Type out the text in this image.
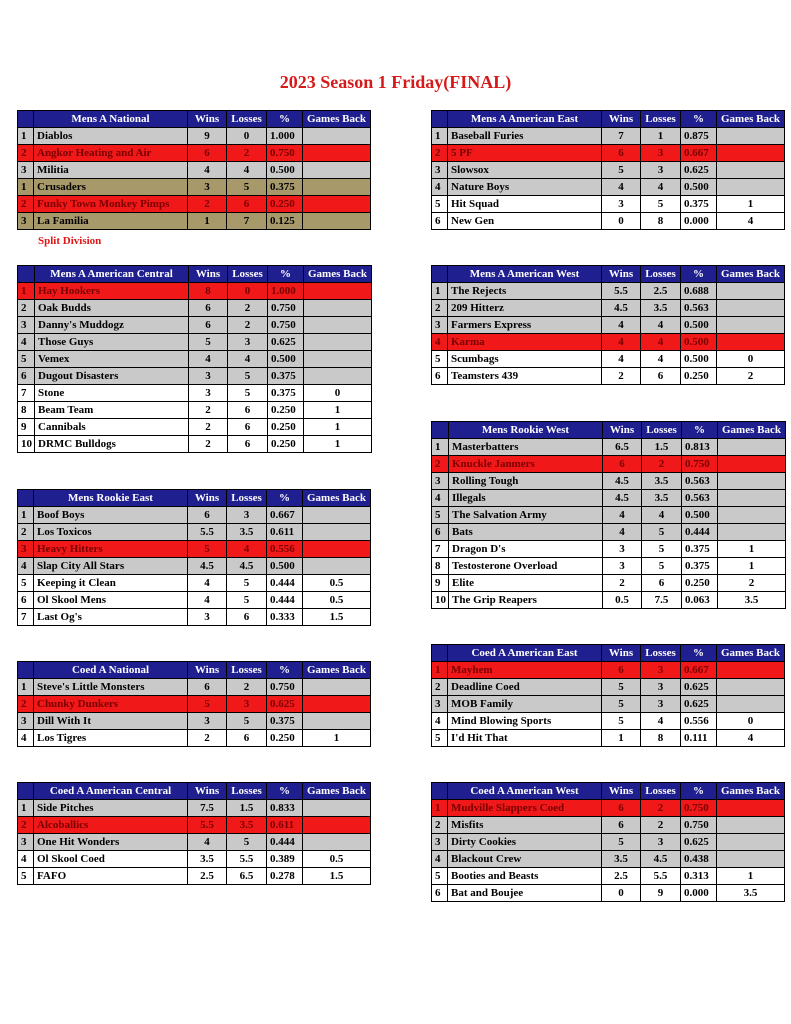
2023 Season 1 Friday(FINAL)
Split Division
	Mens A National	Wins	Losses	%	Games Back
1	Diablos	9	0	1.000	
2	Angkor Heating and Air	6	2	0.750	
3	Militia	4	4	0.500	
1	Crusaders	3	5	0.375	
2	Funky Town Monkey Pimps	2	6	0.250	
3	La Familia	1	7	0.125	
	Mens A American East	Wins	Losses	%	Games Back
1	Baseball Furies	7	1	0.875	
2	5 PF	6	3	0.667	
3	Slowsox	5	3	0.625	
4	Nature Boys	4	4	0.500	
5	Hit Squad	3	5	0.375	1
6	New Gen	0	8	0.000	4
	Mens A American Central	Wins	Losses	%	Games Back
1	Hay Hookers	8	0	1.000	
2	Oak Budds	6	2	0.750	
3	Danny's Muddogz	6	2	0.750	
4	Those Guys	5	3	0.625	
5	Vemex	4	4	0.500	
6	Dugout Disasters	3	5	0.375	
7	Stone	3	5	0.375	0
8	Beam Team	2	6	0.250	1
9	Cannibals	2	6	0.250	1
10	DRMC Bulldogs	2	6	0.250	1
	Mens A American West	Wins	Losses	%	Games Back
1	The Rejects	5.5	2.5	0.688	
2	209 Hitterz	4.5	3.5	0.563	
3	Farmers Express	4	4	0.500	
4	Karma	4	4	0.500	
5	Scumbags	4	4	0.500	0
6	Teamsters 439	2	6	0.250	2
	Mens Rookie West	Wins	Losses	%	Games Back
1	Masterbatters	6.5	1.5	0.813	
2	Knuckle Janmers	6	2	0.750	
3	Rolling Tough	4.5	3.5	0.563	
4	Illegals	4.5	3.5	0.563	
5	The Salvation Army	4	4	0.500	
6	Bats	4	5	0.444	
7	Dragon D's	3	5	0.375	1
8	Testosterone Overload	3	5	0.375	1
9	Elite	2	6	0.250	2
10	The Grip Reapers	0.5	7.5	0.063	3.5
	Mens Rookie East	Wins	Losses	%	Games Back
1	Boof Boys	6	3	0.667	
2	Los Toxicos	5.5	3.5	0.611	
3	Heavy Hitters	5	4	0.556	
4	Slap City All Stars	4.5	4.5	0.500	
5	Keeping it Clean	4	5	0.444	0.5
6	Ol Skool Mens	4	5	0.444	0.5
7	Last Og's	3	6	0.333	1.5
	Coed A American East	Wins	Losses	%	Games Back
1	Mayhem	6	3	0.667	
2	Deadline Coed	5	3	0.625	
3	MOB Family	5	3	0.625	
4	Mind Blowing Sports	5	4	0.556	0
5	I'd Hit That	1	8	0.111	4
	Coed A National	Wins	Losses	%	Games Back
1	Steve's Little Monsters	6	2	0.750	
2	Chunky Dunkers	5	3	0.625	
3	Dill With It	3	5	0.375	
4	Los Tigres	2	6	0.250	1
	Coed A American Central	Wins	Losses	%	Games Back
1	Side Pitches	7.5	1.5	0.833	
2	Alcoballics	5.5	3.5	0.611	
3	One Hit Wonders	4	5	0.444	
4	Ol Skool Coed	3.5	5.5	0.389	0.5
5	FAFO	2.5	6.5	0.278	1.5
	Coed A American West	Wins	Losses	%	Games Back
1	Mudville Slappers Coed	6	2	0.750	
2	Misfits	6	2	0.750	
3	Dirty Cookies	5	3	0.625	
4	Blackout Crew	3.5	4.5	0.438	
5	Booties and Beasts	2.5	5.5	0.313	1
6	Bat and Boujee	0	9	0.000	3.5
